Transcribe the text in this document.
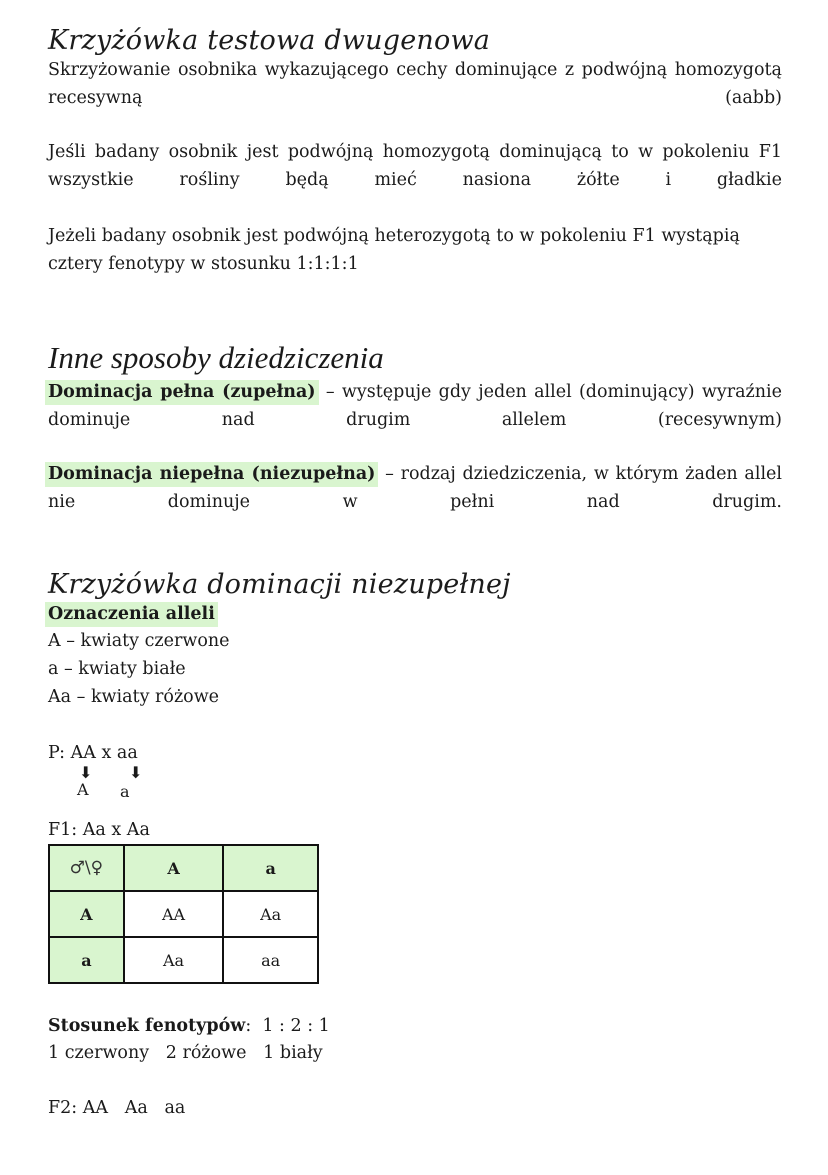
Krzyżówka testowa dwugenowa
Skrzyżowanie osobnika wykazującego cechy dominujące z podwójną homozygotą recesywną (aabb)
Jeśli badany osobnik jest podwójną homozygotą dominującą to w pokoleniu F1 wszystkie rośliny będą mieć nasiona żółte i gładkie
Jeżeli badany osobnik jest podwójną heterozygotą to w pokoleniu F1 wystąpią cztery fenotypy w stosunku 1:1:1:1
Inne sposoby dziedziczenia
Dominacja pełna (zupełna) – występuje gdy jeden allel (dominujący) wyraźnie dominuje nad drugim allelem (recesywnym)
Dominacja niepełna (niezupełna) – rodzaj dziedziczenia, w którym żaden allel nie dominuje w pełni nad drugim.
Krzyżówka dominacji niezupełnej
Oznaczenia alleli
A – kwiaty czerwone
a – kwiaty białe
Aa – kwiaty różowe
P: AA x aa
⬇ ⬇
A a
F1: Aa x Aa
♂\♀	A	a
A	AA	Aa
a	Aa	aa
Stosunek fenotypów:  1 : 2 : 1
1 czerwony   2 różowe   1 biały
F2: AA   Aa   aa
